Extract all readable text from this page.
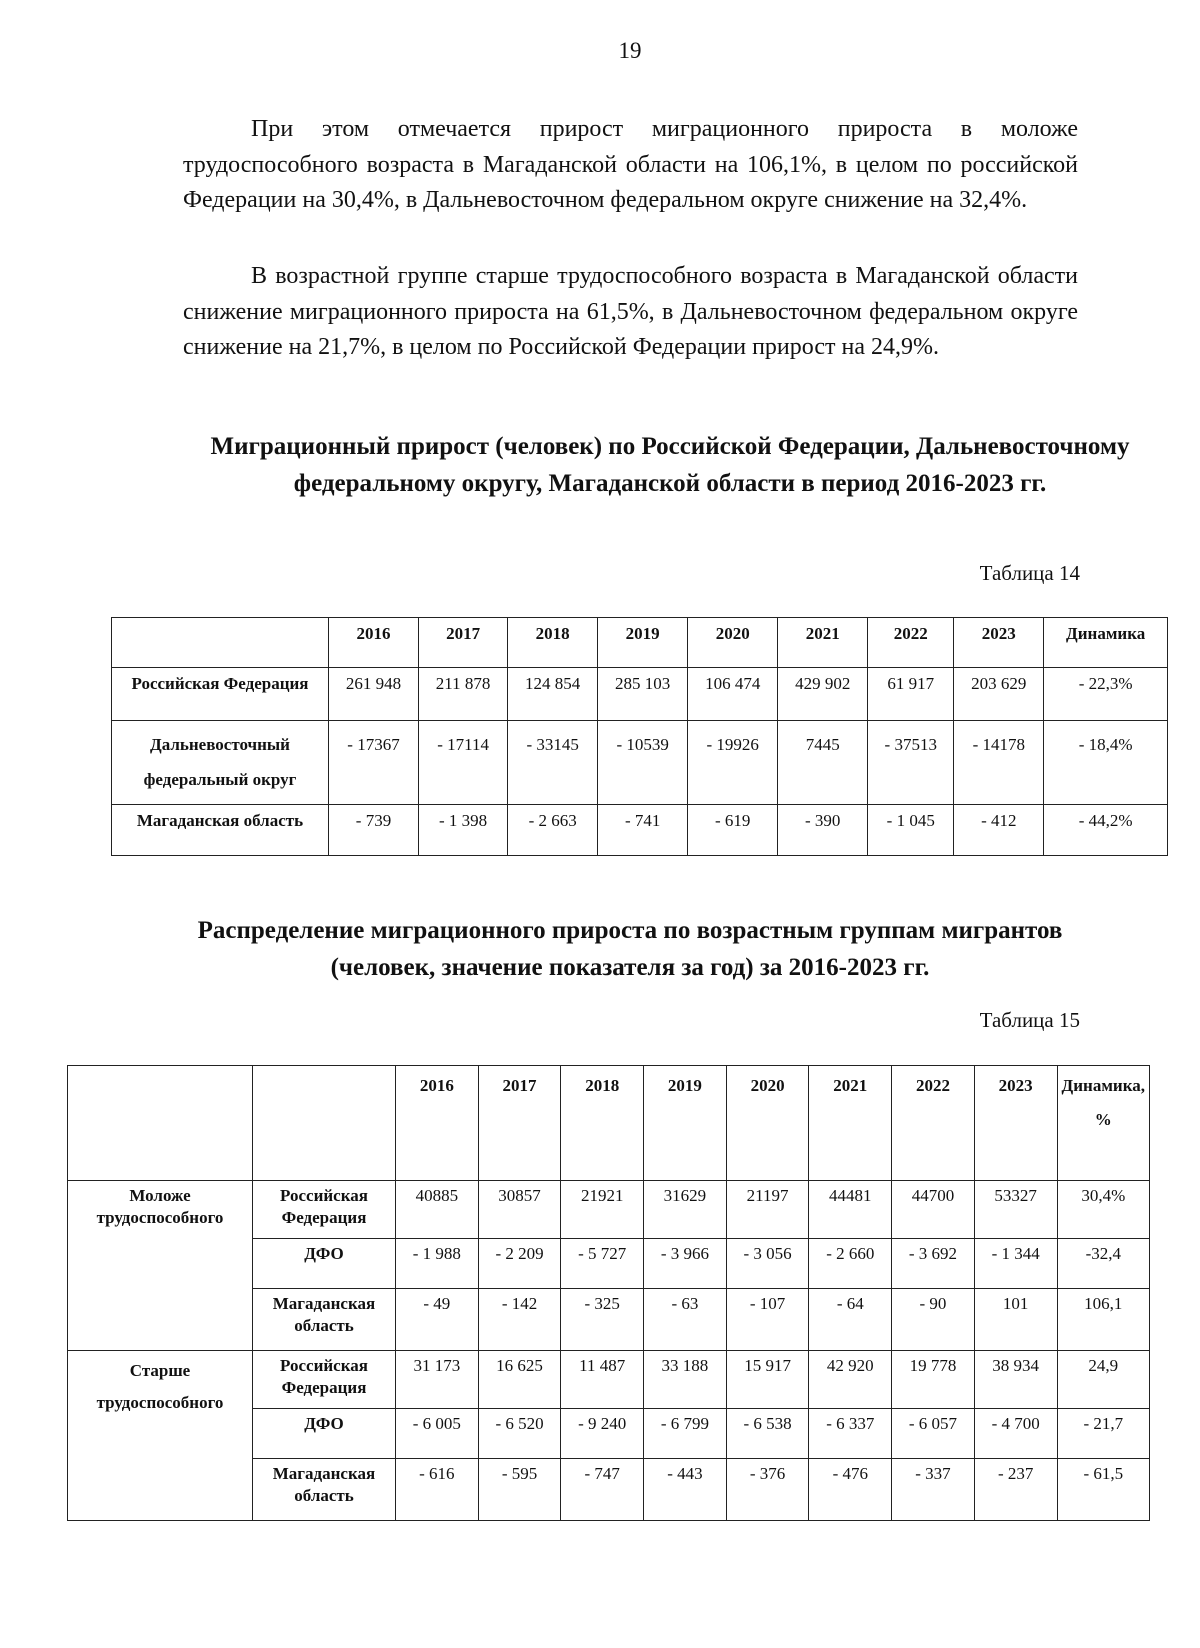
19

При этом отмечается прирост миграционного прироста в моложе трудоспособного возраста в Магаданской области на 106,1%, в целом по российской Федерации на 30,4%, в Дальневосточном федеральном округе снижение на 32,4%.

В возрастной группе старше трудоспособного возраста в Магаданской области снижение миграционного прироста на 61,5%, в Дальневосточном федеральном округе снижение на 21,7%, в целом по Российской Федерации прирост на 24,9%.

Миграционный прирост (человек) по Российской Федерации, Дальневосточному федеральному округу, Магаданской области в период 2016-2023 гг.
Таблица 14
	2016	2017	2018	2019	2020	2021	2022	2023	Динамика
Российская Федерация	261 948	211 878	124 854	285 103	106 474	429 902	61 917	203 629	- 22,3%
Дальневосточный федеральный округ	- 17367	- 17114	- 33145	- 10539	- 19926	7445	- 37513	- 14178	- 18,4%
Магаданская область	- 739	- 1 398	- 2 663	- 741	- 619	- 390	- 1 045	- 412	- 44,2%
Распределение миграционного прироста по возрастным группам мигрантов (человек, значение показателя за год) за 2016-2023 гг.
Таблица 15
		2016	2017	2018	2019	2020	2021	2022	2023	Динамика, %
Моложе трудоспособного	Российская Федерация	40885	30857	21921	31629	21197	44481	44700	53327	30,4%
	ДФО	- 1 988	- 2 209	- 5 727	- 3 966	- 3 056	- 2 660	- 3 692	- 1 344	-32,4
	Магаданская область	- 49	- 142	- 325	- 63	- 107	- 64	- 90	101	106,1
Старше трудоспособного	Российская Федерация	31 173	16 625	11 487	33 188	15 917	42 920	19 778	38 934	24,9
	ДФО	- 6 005	- 6 520	- 9 240	- 6 799	- 6 538	- 6 337	- 6 057	- 4 700	- 21,7
	Магаданская область	- 616	- 595	- 747	- 443	- 376	- 476	- 337	- 237	- 61,5
